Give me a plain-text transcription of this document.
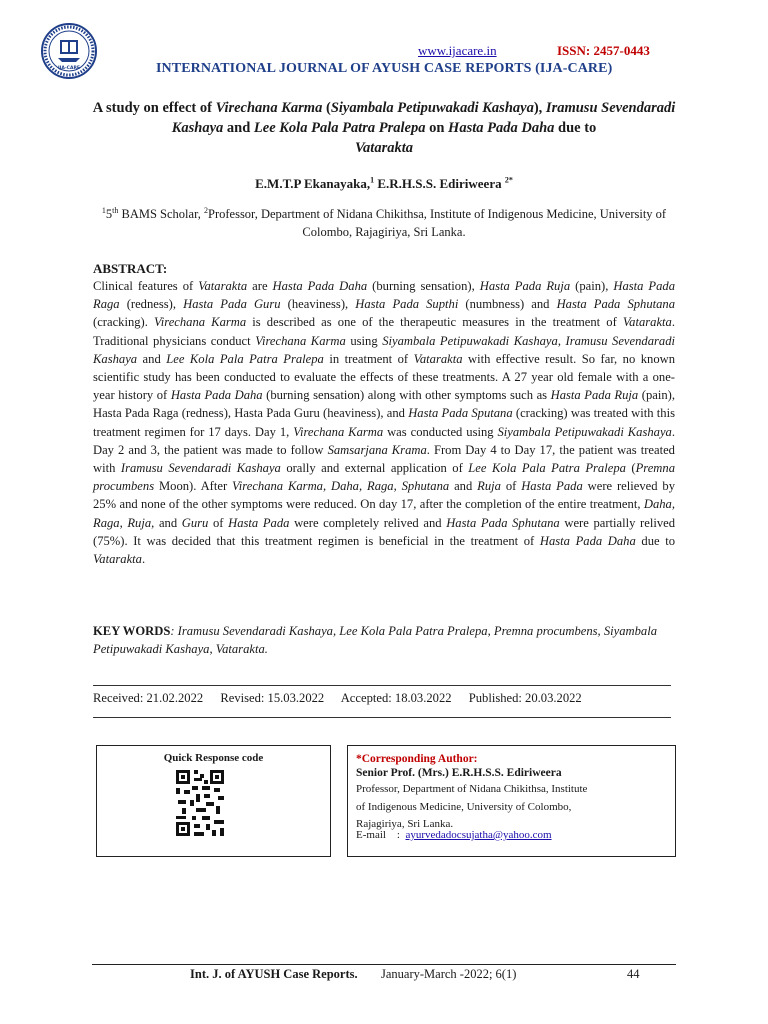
IJA-CARE
www.ijacare.in	ISSN: 2457-0443
INTERNATIONAL JOURNAL OF AYUSH CASE REPORTS (IJA-CARE)
A study on effect of Virechana Karma (Siyambala Petipuwakadi Kashaya), Iramusu Sevendaradi Kashaya and Lee Kola Pala Patra Pralepa on Hasta Pada Daha due to
Vatarakta
E.M.T.P Ekanayaka,$^1$ E.R.H.S.S. Ediriweera $^{2*}$
$^1$5th BAMS Scholar, $^2$Professor, Department of Nidana Chikithsa, Institute of Indigenous Medicine, University of Colombo, Rajagiriya, Sri Lanka.
ABSTRACT:
Clinical features of Vatarakta are Hasta Pada Daha (burning sensation), Hasta Pada Ruja (pain), Hasta Pada Raga (redness), Hasta Pada Guru (heaviness), Hasta Pada Supthi (numbness) and Hasta Pada Sphutana (cracking). Virechana Karma is described as one of the therapeutic measures in the treatment of Vatarakta. Traditional physicians conduct Virechana Karma using Siyambala Petipuwakadi Kashaya, Iramusu Sevendaradi Kashaya and Lee Kola Pala Patra Pralepa in treatment of Vatarakta with effective result. So far, no known scientific study has been conducted to evaluate the effects of these treatments. A 27 year old female with a one-year history of Hasta Pada Daha (burning sensation) along with other symptoms such as Hasta Pada Ruja (pain), Hasta Pada Raga (redness), Hasta Pada Guru (heaviness), and Hasta Pada Sputana (cracking) was treated with this treatment regimen for 17 days. Day 1, Virechana Karma was conducted using Siyambala Petipuwakadi Kashaya. Day 2 and 3, the patient was made to follow Samsarjana Krama. From Day 4 to Day 17, the patient was treated with Iramusu Sevendaradi Kashaya orally and external application of Lee Kola Pala Patra Pralepa (Premna procumbens Moon). After Virechana Karma, Daha, Raga, Sphutana and Ruja of Hasta Pada were relieved by 25% and none of the other symptoms were reduced. On day 17, after the completion of the entire treatment, Daha, Raga, Ruja, and Guru of Hasta Pada were completely relived and Hasta Pada Sphutana were partially relived (75%). It was decided that this treatment regimen is beneficial in the treatment of Hasta Pada Daha due to Vatarakta.
KEY WORDS: Iramusu Sevendaradi Kashaya, Lee Kola Pala Patra Pralepa, Premna procumbens, Siyambala Petipuwakadi Kashaya, Vatarakta.
Received: 21.02.2022 Revised: 15.03.2022 Accepted: 18.03.2022 Published: 20.03.2022
Quick Response code	*Corresponding Author:
Senior Prof. (Mrs.) E.R.H.S.S. Ediriweera
Professor, Department of Nidana Chikithsa, Institute
of Indigenous Medicine, University of Colombo,
Rajagiriya, Sri Lanka.
E-mail    :  ayurvedadocsujatha@yahoo.com
Int. J. of AYUSH Case Reports. January-March -2022; 6(1)	44
